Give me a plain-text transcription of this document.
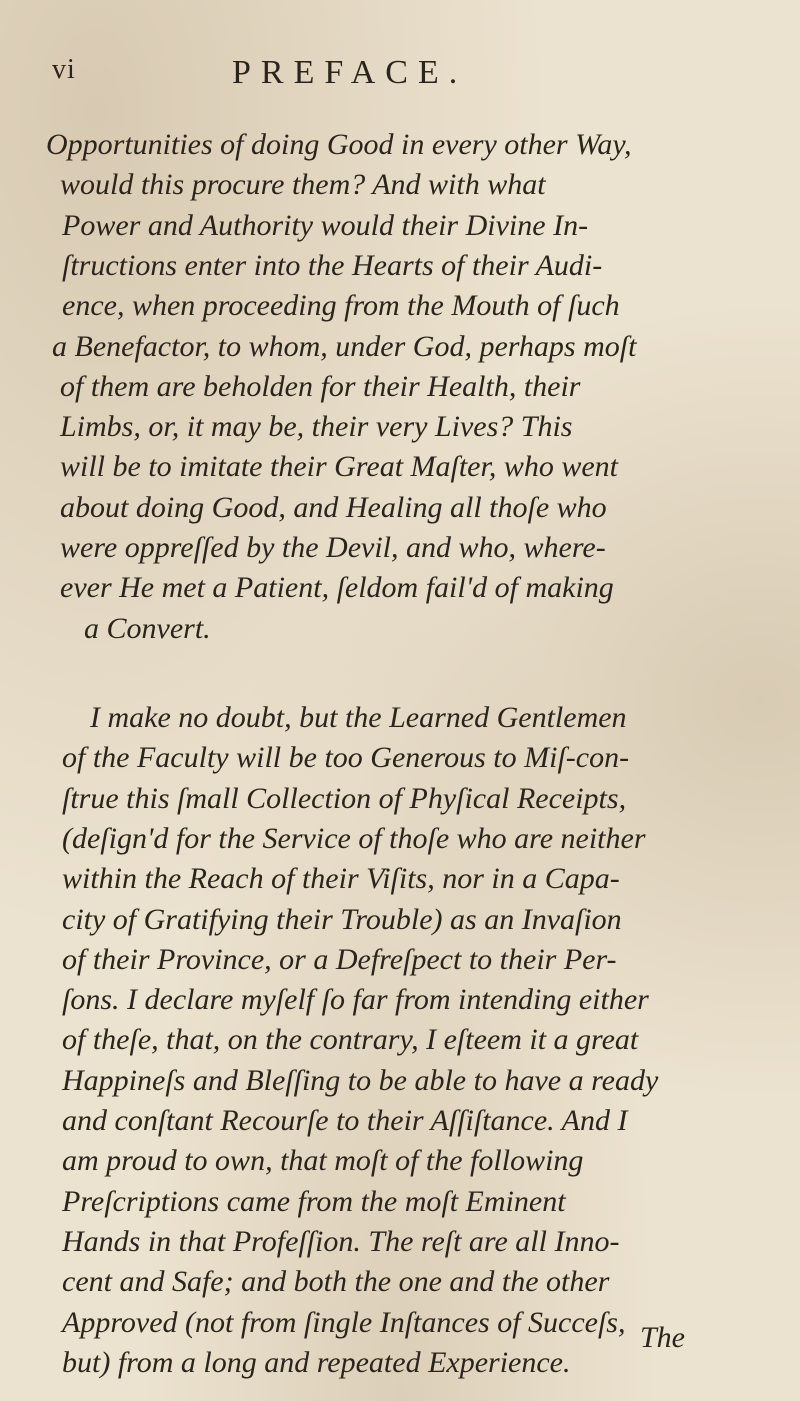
vi	PREFACE.
Opportunities of doing Good in every other Way,
would this procure them? And with what
Power and Authority would their Divine In-
ſtructions enter into the Hearts of their Audi-
ence, when proceeding from the Mouth of ſuch
a Benefactor, to whom, under God, perhaps moſt
of them are beholden for their Health, their
Limbs, or, it may be, their very Lives? This
will be to imitate their Great Maſter, who went
about doing Good, and Healing all thoſe who
were oppreſſed by the Devil, and who, where-
ever He met a Patient, ſeldom fail'd of making
a Convert.
I make no doubt, but the Learned Gentlemen
of the Faculty will be too Generous to Miſ-con-
ſtrue this ſmall Collection of Phyſical Receipts,
(deſign'd for the Service of thoſe who are neither
within the Reach of their Viſits, nor in a Capa-
city of Gratifying their Trouble) as an Invaſion
of their Province, or a Defreſpect to their Per-
ſons. I declare myſelf ſo far from intending either
of theſe, that, on the contrary, I eſteem it a great
Happineſs and Bleſſing to be able to have a ready
and conſtant Recourſe to their Aſſiſtance. And I
am proud to own, that moſt of the following
Preſcriptions came from the moſt Eminent
Hands in that Profeſſion. The reſt are all Inno-
cent and Safe; and both the one and the other
Approved (not from ſingle Inſtances of Succeſs,
but) from a long and repeated Experience.
The
